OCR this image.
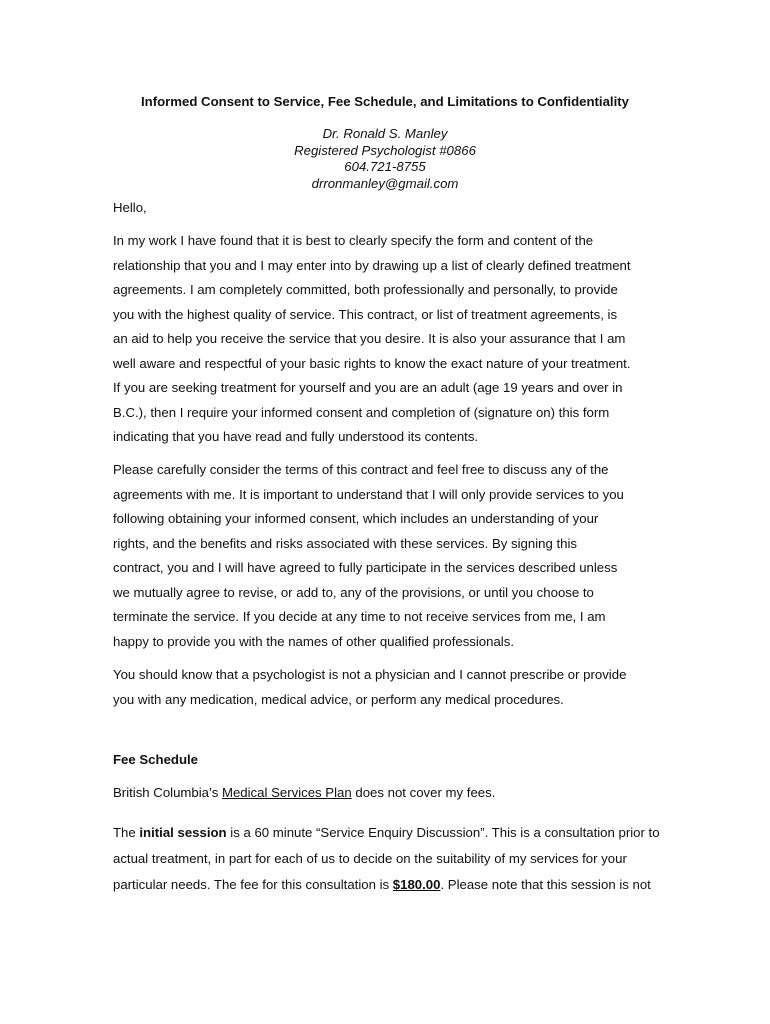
Informed Consent to Service, Fee Schedule, and Limitations to Confidentiality
Dr. Ronald S. Manley
Registered Psychologist #0866
604.721-8755
drronmanley@gmail.com
Hello,
In my work I have found that it is best to clearly specify the form and content of the
relationship that you and I may enter into by drawing up a list of clearly defined treatment
agreements. I am completely committed, both professionally and personally, to provide
you with the highest quality of service. This contract, or list of treatment agreements, is
an aid to help you receive the service that you desire. It is also your assurance that I am
well aware and respectful of your basic rights to know the exact nature of your treatment.
If you are seeking treatment for yourself and you are an adult (age 19 years and over in
B.C.), then I require your informed consent and completion of (signature on) this form
indicating that you have read and fully understood its contents.
Please carefully consider the terms of this contract and feel free to discuss any of the
agreements with me. It is important to understand that I will only provide services to you
following obtaining your informed consent, which includes an understanding of your
rights, and the benefits and risks associated with these services. By signing this
contract, you and I will have agreed to fully participate in the services described unless
we mutually agree to revise, or add to, any of the provisions, or until you choose to
terminate the service. If you decide at any time to not receive services from me, I am
happy to provide you with the names of other qualified professionals.
You should know that a psychologist is not a physician and I cannot prescribe or provide
you with any medication, medical advice, or perform any medical procedures.
Fee Schedule
British Columbia’s Medical Services Plan does not cover my fees.
The initial session is a 60 minute “Service Enquiry Discussion”. This is a consultation prior to
actual treatment, in part for each of us to decide on the suitability of my services for your
particular needs. The fee for this consultation is $180.00. Please note that this session is not
